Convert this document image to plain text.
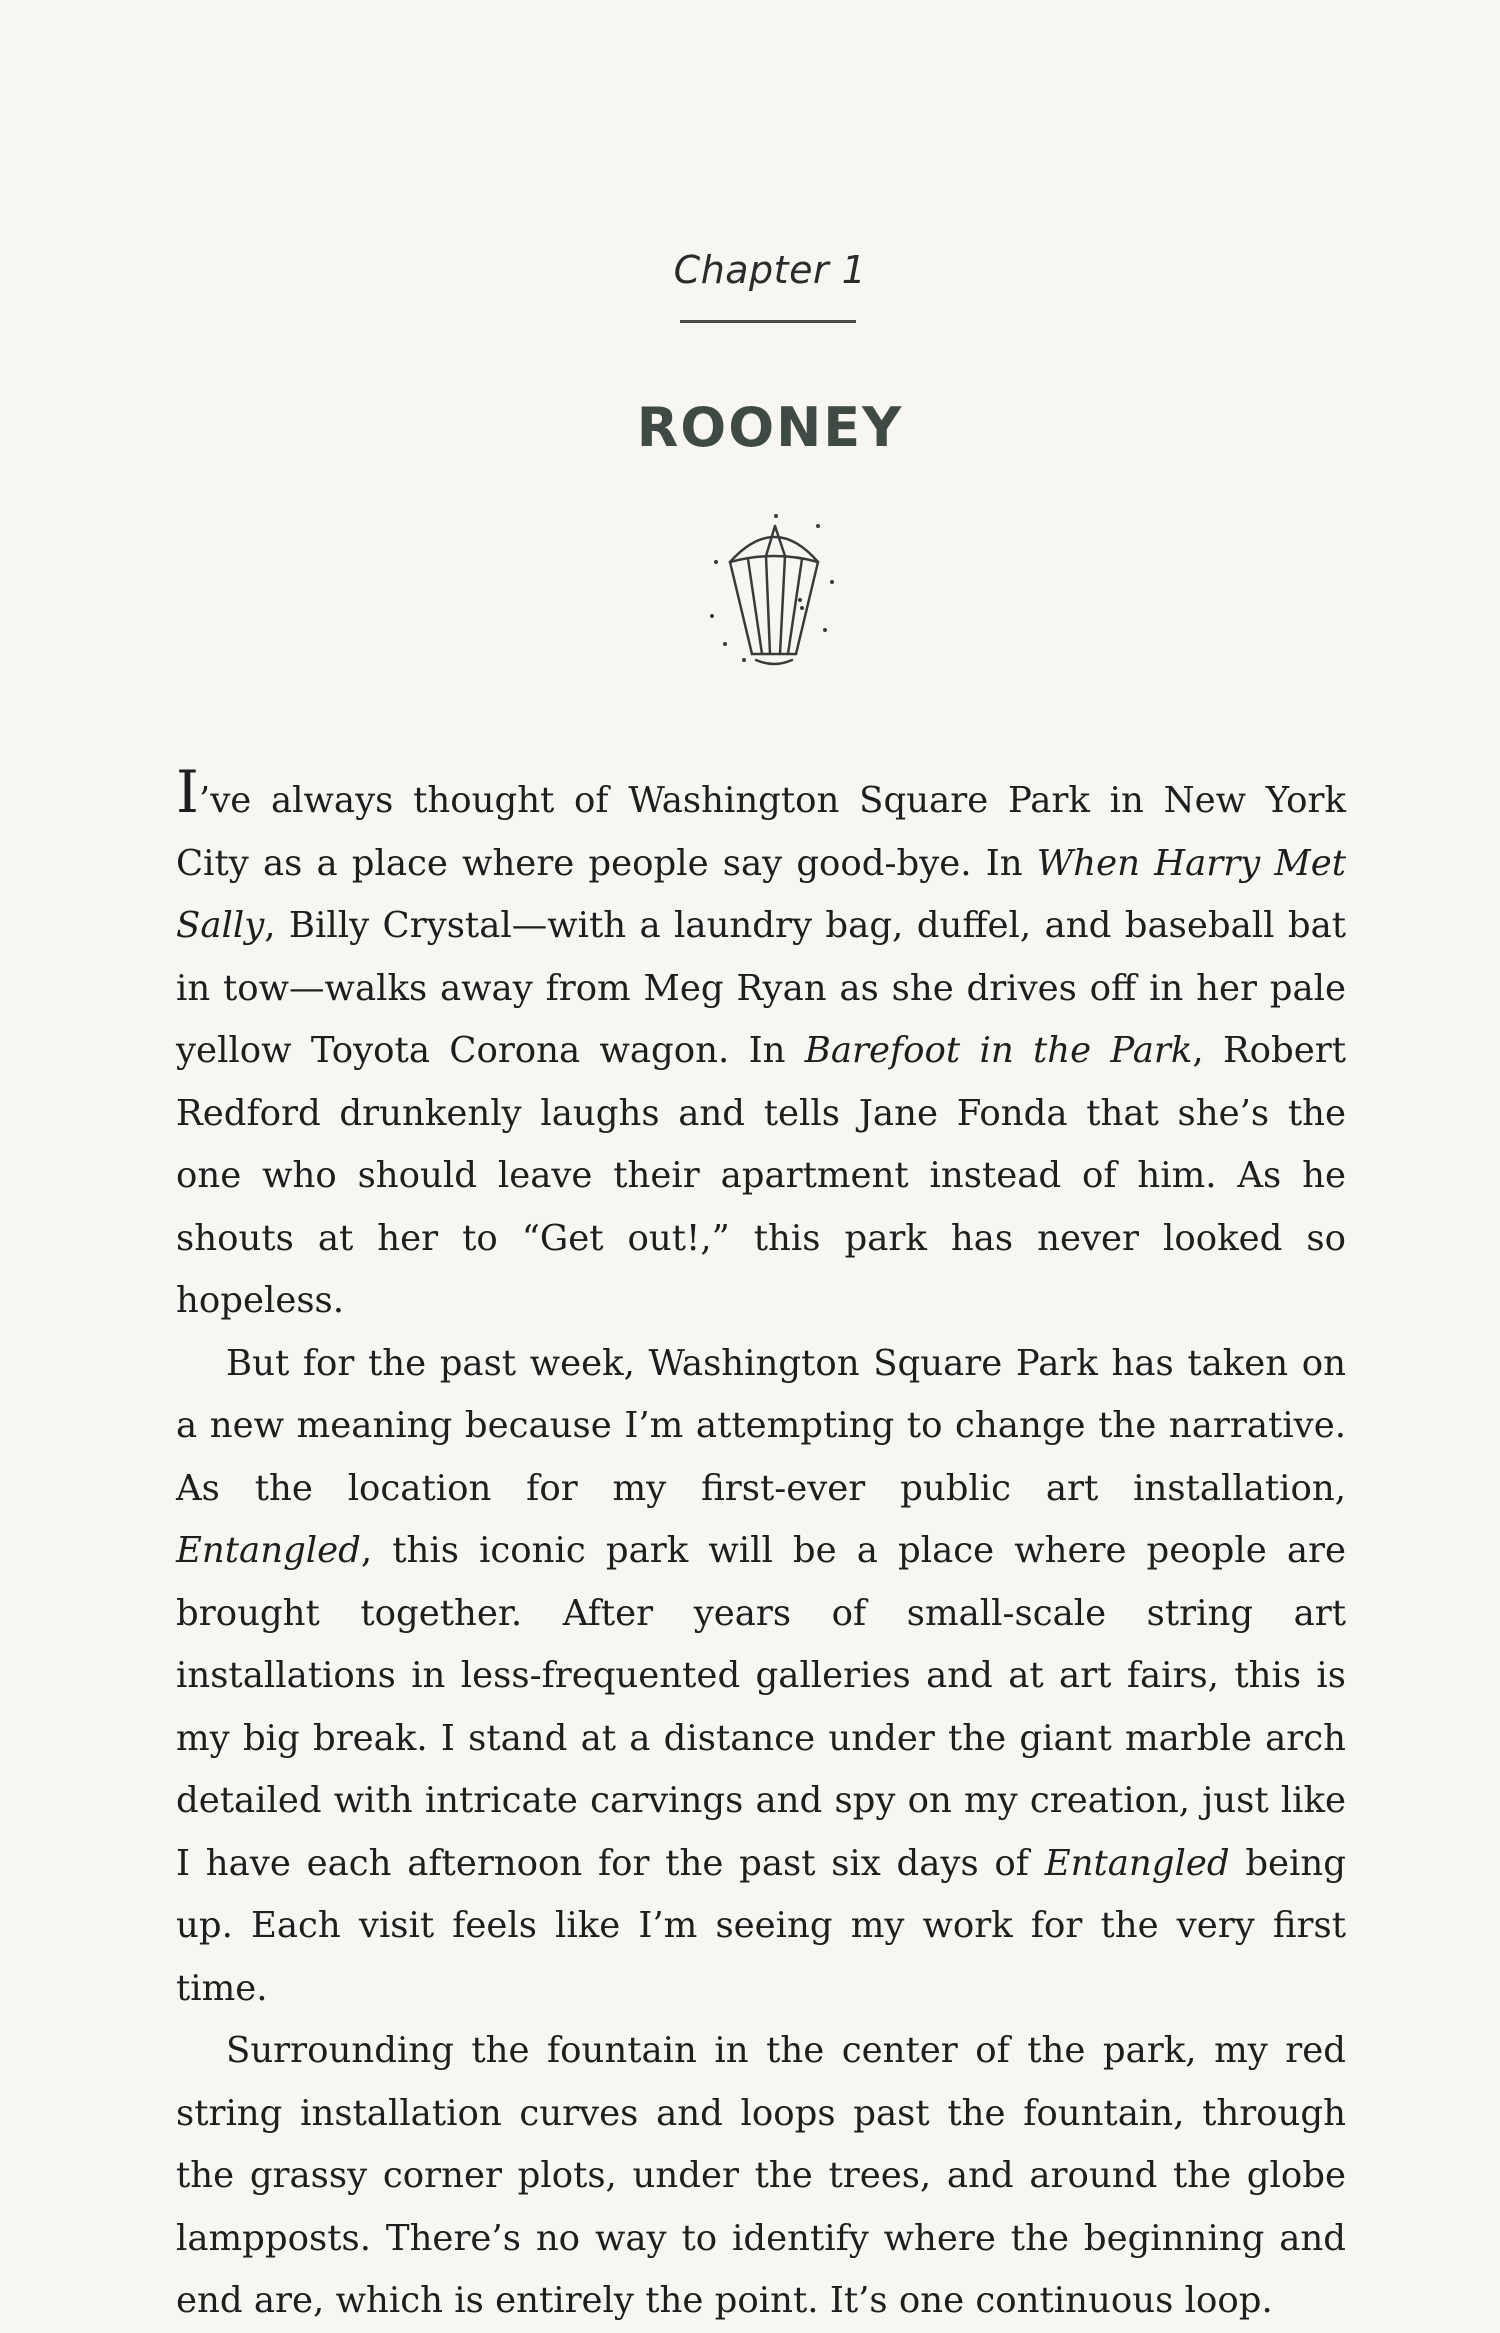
Chapter 1
ROONEY

I’ve always thought of Washington Square Park in New York City as a place where people say good-bye. In When Harry Met Sally, Billy Crystal—with a laundry bag, duffel, and baseball bat in tow—walks away from Meg Ryan as she drives off in her pale yellow Toyota Corona wagon. In Barefoot in the Park, Robert Redford drunkenly laughs and tells Jane Fonda that she’s the one who should leave their apartment instead of him. As he shouts at her to “Get out!,” this park has never looked so hopeless.

But for the past week, Washington Square Park has taken on a new meaning because I’m attempting to change the narrative. As the location for my first-ever public art installation, Entangled, this iconic park will be a place where people are brought together. After years of small-scale string art installations in less-frequented galleries and at art fairs, this is my big break. I stand at a distance under the giant marble arch detailed with intricate carvings and spy on my creation, just like I have each afternoon for the past six days of Entangled being up. Each visit feels like I’m seeing my work for the very first time.

Surrounding the fountain in the center of the park, my red string installation curves and loops past the fountain, through the grassy corner plots, under the trees, and around the globe lampposts. There’s no way to identify where the beginning and end are, which is entirely the point. It’s one continuous loop.
